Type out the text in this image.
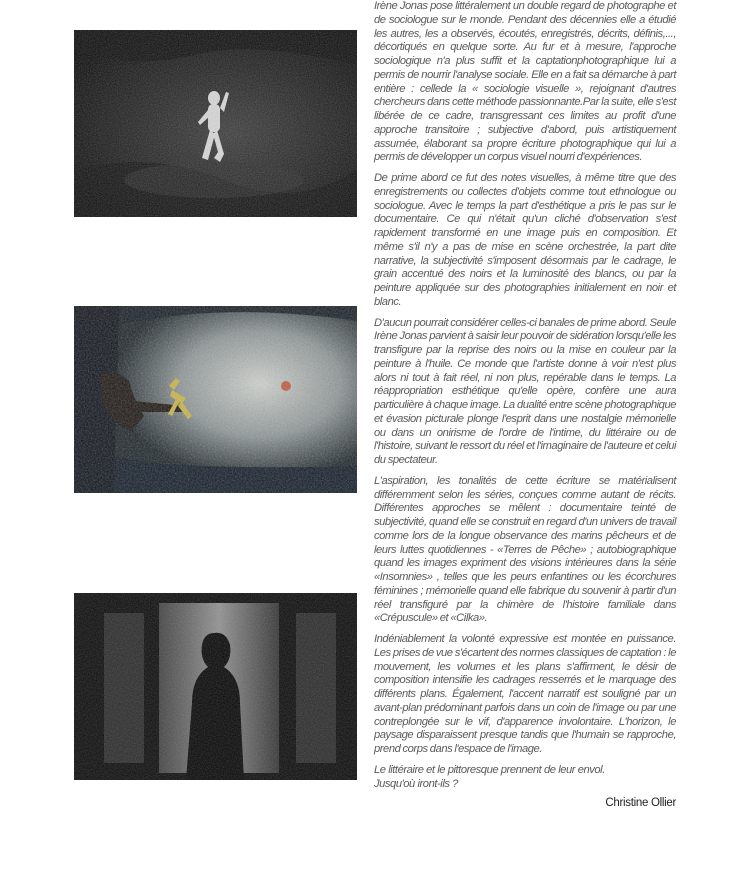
Irène Jonas pose littéralement un double regard de photographe et de sociologue sur le monde. Pendant des décennies elle a étudié les autres, les a observés, écoutés, enregistrés, décrits, définis,..., décortiqués en quelque sorte. Au fur et à mesure, l'approche sociologique n'a plus suffit et la captationphotographique lui a permis de nourrir l'analyse sociale. Elle en a fait sa démarche à part entière : cellede la « sociologie visuelle », rejoignant d'autres chercheurs dans cette méthode passionnante.Par la suite, elle s'est libérée de ce cadre, transgressant ces limites au profit d'une approche transitoire ; subjective d'abord, puis artistiquement assumée, élaborant sa propre écriture photographique qui lui a permis de développer un corpus visuel nourri d'expériences.

De prime abord ce fut des notes visuelles, à même titre que des enregistrements ou collectes d'objets comme tout ethnologue ou sociologue. Avec le temps la part d'esthétique a pris le pas sur le documentaire. Ce qui n'était qu'un cliché d'observation s'est rapidement transformé en une image puis en composition. Et même s'il n'y a pas de mise en scène orchestrée, la part dite narrative, la subjectivité s'imposent désormais par le cadrage, le grain accentué des noirs et la luminosité des blancs, ou par la peinture appliquée sur des photographies initialement en noir et blanc.

D'aucun pourrait considérer celles-ci banales de prime abord. Seule Irène Jonas parvient à saisir leur pouvoir de sidération lorsqu'elle les transfigure par la reprise des noirs ou la mise en couleur par la peinture à l'huile. Ce monde que l'artiste donne à voir n'est plus alors ni tout à fait réel, ni non plus, repérable dans le temps. La réappropriation esthétique qu'elle opère, confère une aura particulière à chaque image. La dualité entre scène photographique et évasion picturale plonge l'esprit dans une nostalgie mémorielle ou dans un onirisme de l'ordre de l'intime, du littéraire ou de l'histoire, suivant le ressort du réel et l'imaginaire de l'auteure et celui du spectateur.

L'aspiration, les tonalités de cette écriture se matérialisent différemment selon les séries, conçues comme autant de récits. Différentes approches se mêlent : documentaire teinté de subjectivité, quand elle se construit en regard d'un univers de travail comme lors de la longue observance des marins pêcheurs et de leurs luttes quotidiennes - «Terres de Pêche» ; autobiographique quand les images expriment des visions intérieures dans la série «Insomnies» , telles que les peurs enfantines ou les écorchures féminines ; mémorielle quand elle fabrique du souvenir à partir d'un réel transfiguré par la chimère de l'histoire familiale dans «Crépuscule» et «Cilka».

Indéniablement la volonté expressive est montée en puissance. Les prises de vue s'écartent des normes classiques de captation : le mouvement, les volumes et les plans s'affirment, le désir de composition intensifie les cadrages resserrés et le marquage des différents plans. Également, l'accent narratif est souligné par un avant-plan prédominant parfois dans un coin de l'image ou par une contreplongée sur le vif, d'apparence involontaire. L'horizon, le paysage disparaissent presque tandis que l'humain se rapproche, prend corps dans l'espace de l'image.

Le littéraire et le pittoresque prennent de leur envol.

Jusqu'où iront-ils ?

Christine Ollier
